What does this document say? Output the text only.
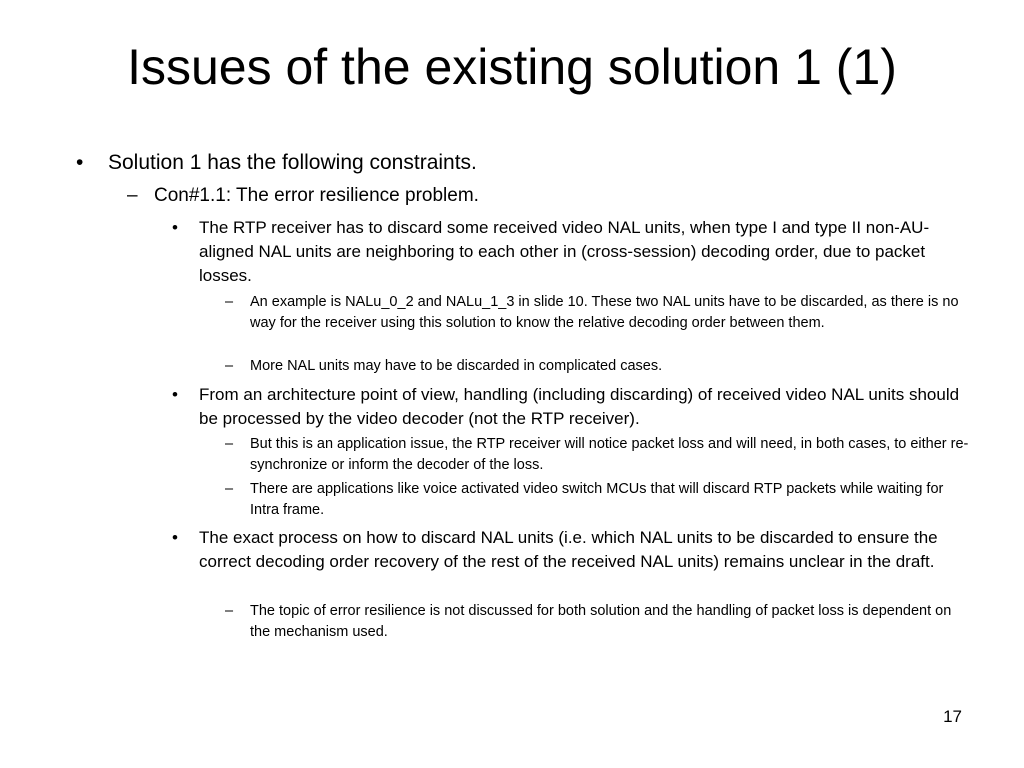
Issues of the existing solution 1 (1)
• Solution 1 has the following constraints.
– Con#1.1: The error resilience problem.
• The RTP receiver has to discard some received video NAL units, when type I and type II non-AU-aligned NAL units are neighboring to each other in (cross-session) decoding order, due to packet losses.
– An example is NALu_0_2 and NALu_1_3 in slide 10. These two NAL units have to be discarded, as there is no way for the receiver using this solution to know the relative decoding order between them.
– More NAL units may have to be discarded in complicated cases.
• From an architecture point of view, handling (including discarding) of received video NAL units should be processed by the video decoder (not the RTP receiver).
– But this is an application issue, the RTP receiver will notice packet loss and will need, in both cases, to either re-synchronize or inform the decoder of the loss.
– There are applications like voice activated video switch MCUs that will discard RTP packets while waiting for Intra frame.
• The exact process on how to discard NAL units (i.e. which NAL units to be discarded to ensure the correct decoding order recovery of the rest of the received NAL units) remains unclear in the draft.
– The topic of error resilience is not discussed for both solution and the handling of packet loss is dependent on the mechanism used.
17
